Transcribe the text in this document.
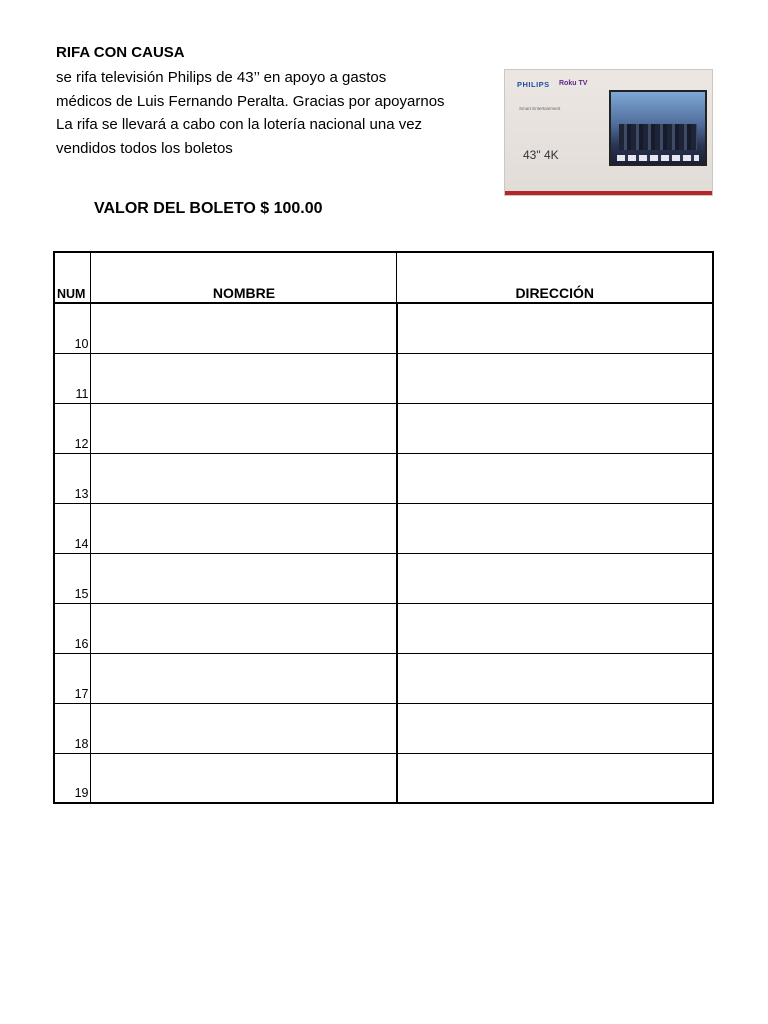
RIFA CON CAUSA
se rifa televisión Philips de 43’’ en apoyo a gastos
médicos de Luis Fernando Peralta. Gracias por apoyarnos
La rifa se llevará a cabo con la lotería nacional una vez
vendidos todos los boletos
PHILIPS Roku TV
Smart Entertainment
43" 4K
VALOR DEL BOLETO $ 100.00
NUM	NOMBRE	DIRECCIÓN
10		
11		
12		
13		
14		
15		
16		
17		
18		
19		
